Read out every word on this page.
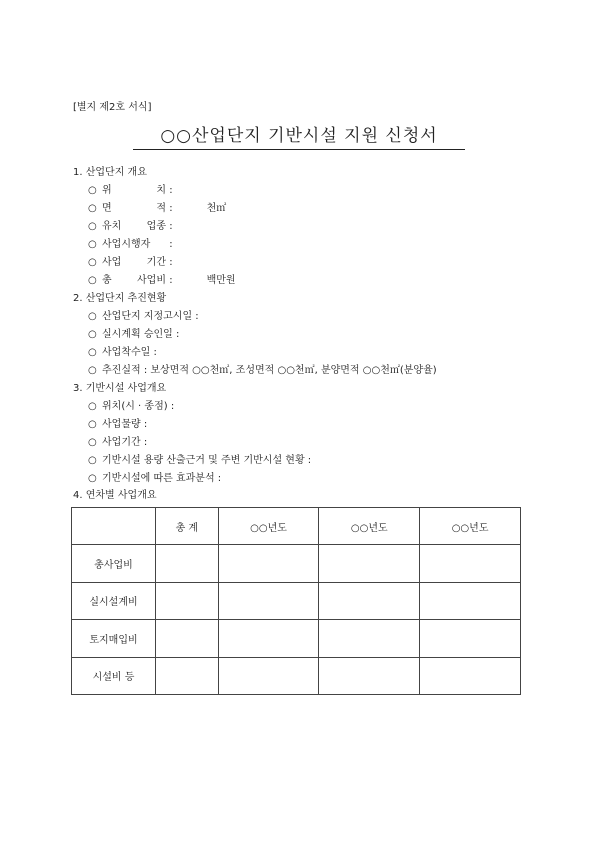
[별지 제2호 서식]
○○산업단지 기반시설 지원 신청서
1. 산업단지 개요
○ 위 치 :
○ 면 적 :	천㎡
○ 유치 업종 :
○ 사업시행자 :
○ 사업 기간 :
○ 총 사업비 :	백만원
2. 산업단지 추진현황
○ 산업단지 지정고시일 :
○ 실시계획 승인일 :
○ 사업착수일 :
○ 추진실적 : 보상면적 ○○천㎡, 조성면적 ○○천㎡, 분양면적 ○○천㎡(분양율)
3. 기반시설 사업개요
○ 위치(시 · 종점) :
○ 사업물량 :
○ 사업기간 :
○ 기반시설 용량 산출근거 및 주변 기반시설 현황 :
○ 기반시설에 따른 효과분석 :
4. 연차별 사업개요
	총 계	○○년도	○○년도	○○년도
총사업비				
실시설계비				
토지매입비				
시설비 등				
